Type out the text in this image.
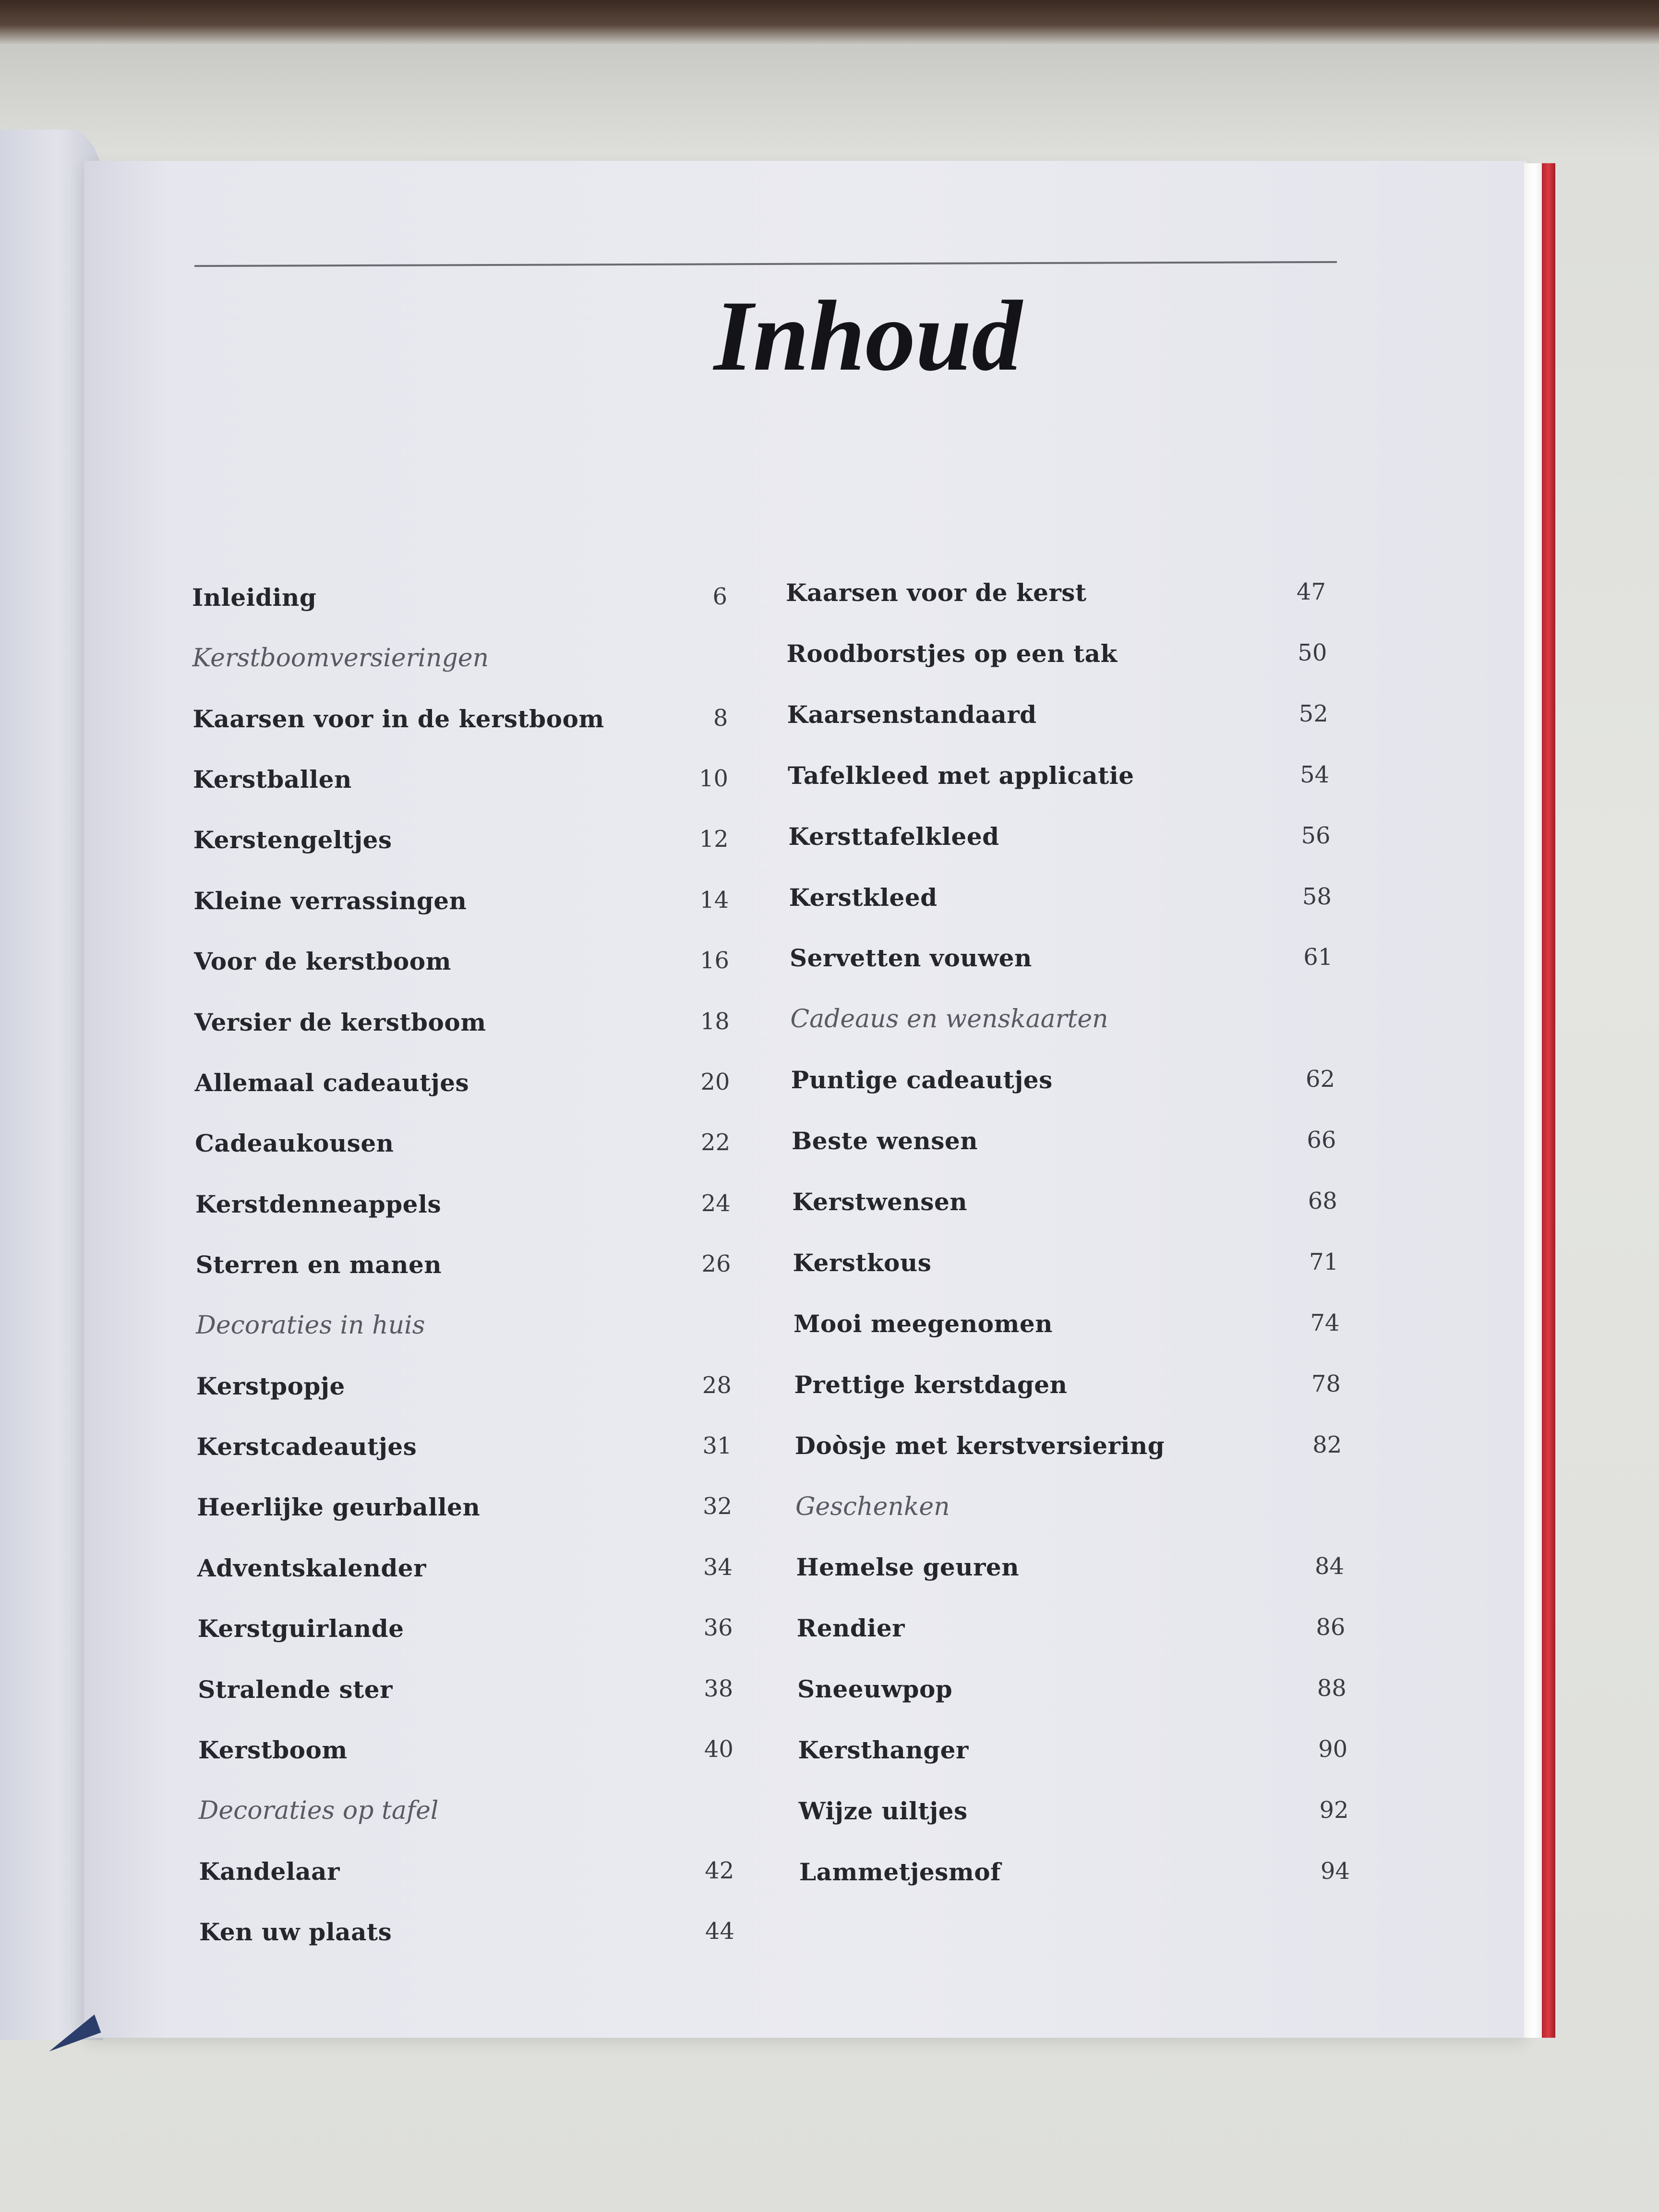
Inhoud
Inleiding	6
Kerstboomversieringen
Kaarsen voor in de kerstboom	8
Kerstballen	10
Kerstengeltjes	12
Kleine verrassingen	14
Voor de kerstboom	16
Versier de kerstboom	18
Allemaal cadeautjes	20
Cadeaukousen	22
Kerstdenneappels	24
Sterren en manen	26
Decoraties in huis
Kerstpopje	28
Kerstcadeautjes	31
Heerlijke geurballen	32
Adventskalender	34
Kerstguirlande	36
Stralende ster	38
Kerstboom	40
Decoraties op tafel
Kandelaar	42
Ken uw plaats	44
Kaarsen voor de kerst	47
Roodborstjes op een tak	50
Kaarsenstandaard	52
Tafelkleed met applicatie	54
Kersttafelkleed	56
Kerstkleed	58
Servetten vouwen	61
Cadeaus en wenskaarten
Puntige cadeautjes	62
Beste wensen	66
Kerstwensen	68
Kerstkous	71
Mooi meegenomen	74
Prettige kerstdagen	78
Doòsje met kerstversiering	82
Geschenken
Hemelse geuren	84
Rendier	86
Sneeuwpop	88
Kersthanger	90
Wijze uiltjes	92
Lammetjesmof	94
